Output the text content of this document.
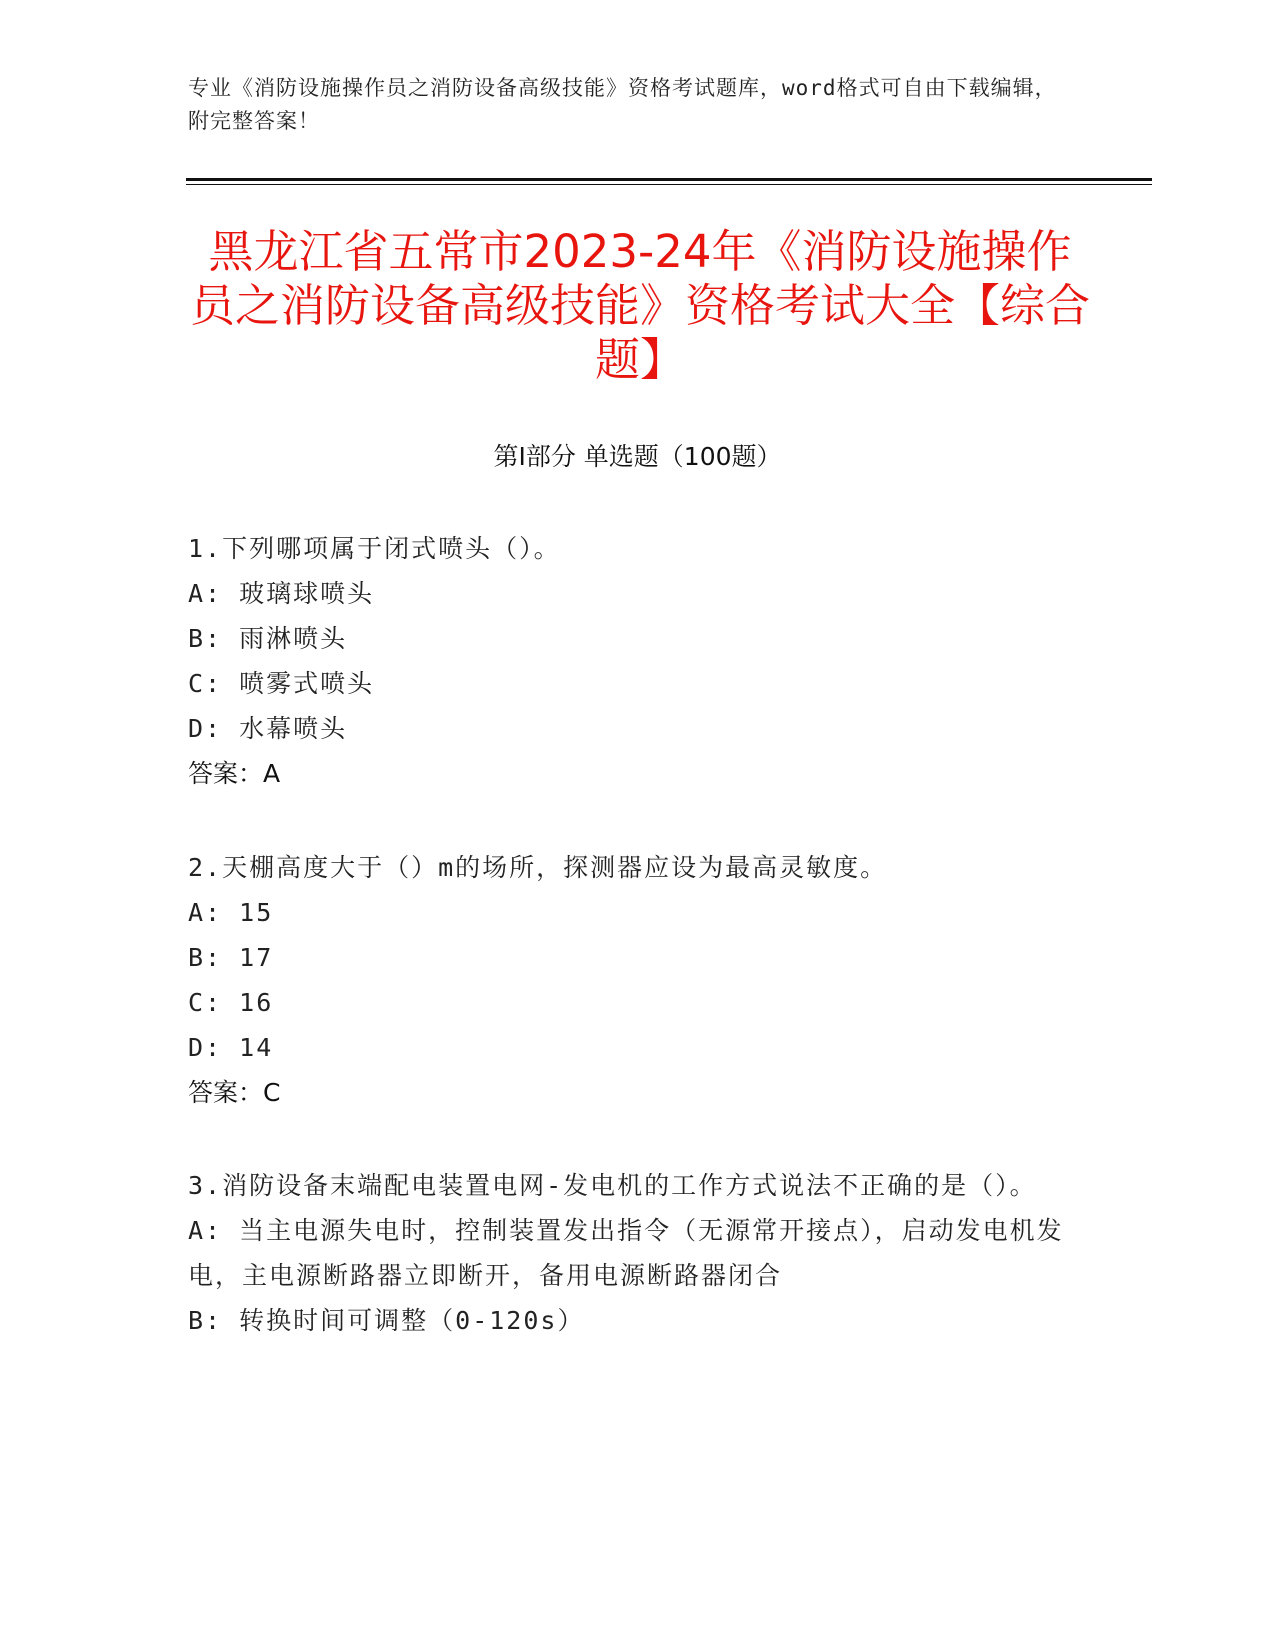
专业《消防设施操作员之消防设备高级技能》资格考试题库，word格式可自由下载编辑，附完整答案！
黑龙江省五常市2023-24年《消防设施操作员之消防设备高级技能》资格考试大全【综合题】
第Ⅰ部分 单选题（100题）
1.下列哪项属于闭式喷头（）。
A: 玻璃球喷头
B: 雨淋喷头
C: 喷雾式喷头
D: 水幕喷头
答案：A
2.天棚高度大于（）m的场所，探测器应设为最高灵敏度。
A: 15
B: 17
C: 16
D: 14
答案：C
3.消防设备末端配电装置电网-发电机的工作方式说法不正确的是（）。
A: 当主电源失电时，控制装置发出指令（无源常开接点），启动发电机发电，主电源断路器立即断开，备用电源断路器闭合
B: 转换时间可调整（0-120s）
